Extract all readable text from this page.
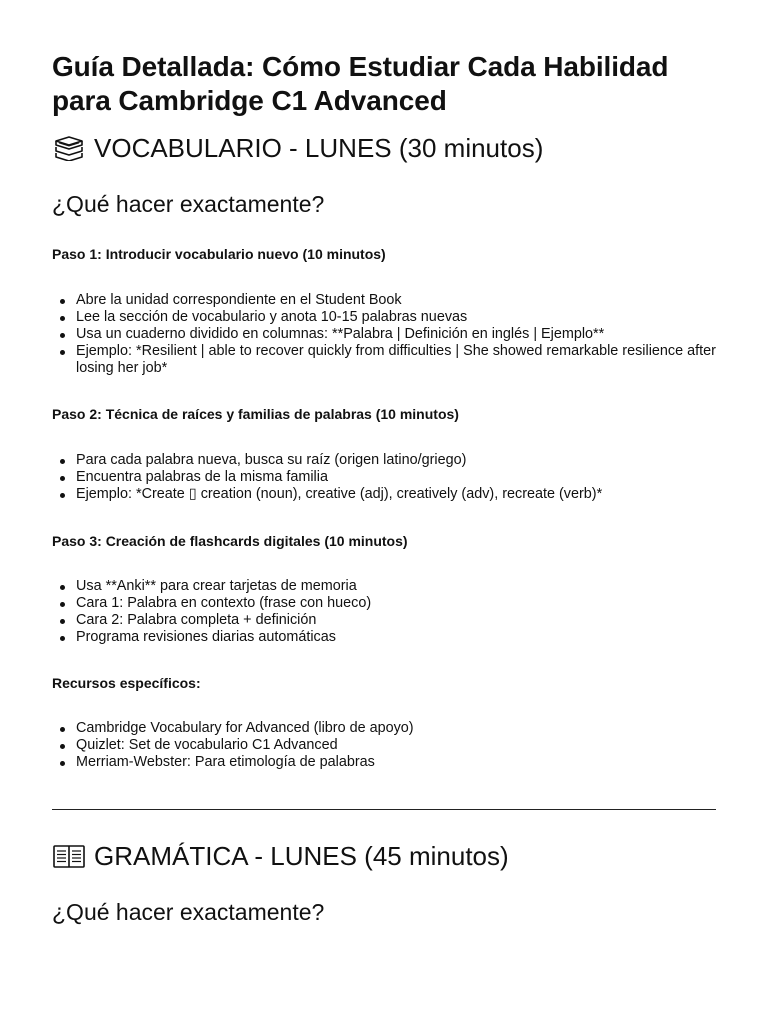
Guía Detallada: Cómo Estudiar Cada Habilidad para Cambridge C1 Advanced
VOCABULARIO - LUNES (30 minutos)
¿Qué hacer exactamente?

Paso 1: Introducir vocabulario nuevo (10 minutos)

Abre la unidad correspondiente en el Student Book
Lee la sección de vocabulario y anota 10-15 palabras nuevas
Usa un cuaderno dividido en columnas: **Palabra | Definición en inglés | Ejemplo**
Ejemplo: *Resilient | able to recover quickly from difficulties | She showed remarkable resilience after losing her job*

Paso 2: Técnica de raíces y familias de palabras (10 minutos)

Para cada palabra nueva, busca su raíz (origen latino/griego)
Encuentra palabras de la misma familia
Ejemplo: *Create ▯ creation (noun), creative (adj), creatively (adv), recreate (verb)*

Paso 3: Creación de flashcards digitales (10 minutos)

Usa **Anki** para crear tarjetas de memoria
Cara 1: Palabra en contexto (frase con hueco)
Cara 2: Palabra completa + definición
Programa revisiones diarias automáticas

Recursos específicos:

Cambridge Vocabulary for Advanced (libro de apoyo)
Quizlet: Set de vocabulario C1 Advanced
Merriam-Webster: Para etimología de palabras
GRAMÁTICA - LUNES (45 minutos)
¿Qué hacer exactamente?
